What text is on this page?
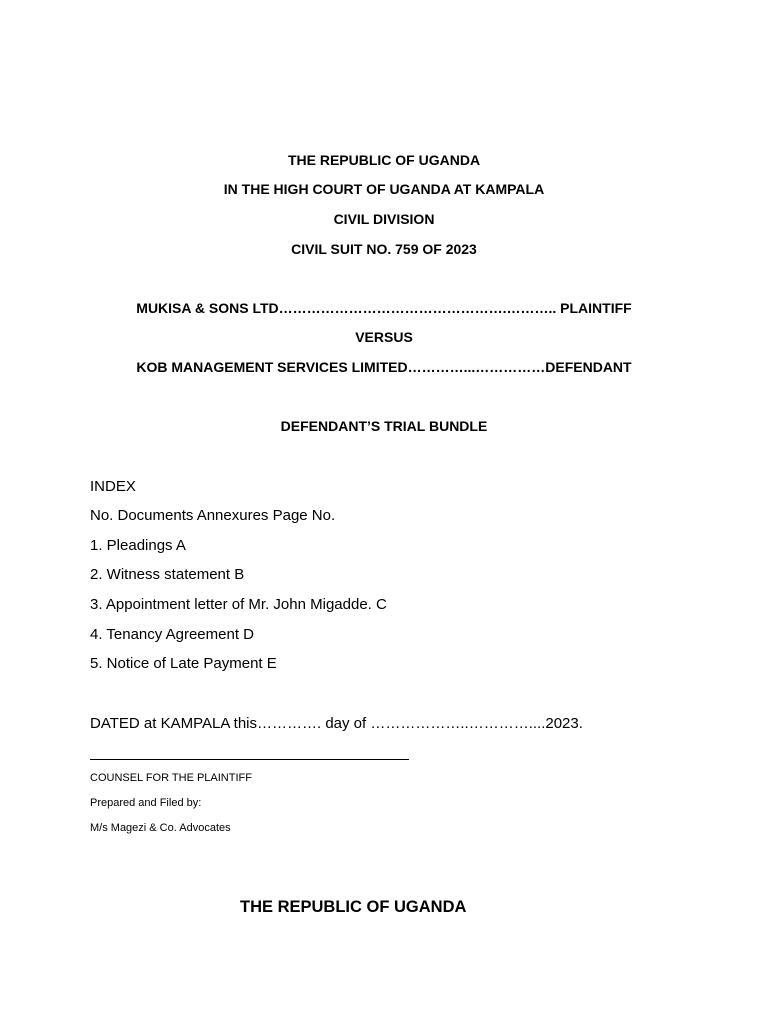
THE REPUBLIC OF UGANDA
IN THE HIGH COURT OF UGANDA AT KAMPALA
CIVIL DIVISION
CIVIL SUIT NO. 759 OF 2023
MUKISA & SONS LTD………………………………………….……….. PLAINTIFF
VERSUS
KOB MANAGEMENT SERVICES LIMITED…………...……………DEFENDANT
DEFENDANT’S TRIAL BUNDLE
INDEX
No. Documents Annexures Page No.
1. Pleadings A
2. Witness statement B
3. Appointment letter of Mr. John Migadde. C
4. Tenancy Agreement D
5. Notice of Late Payment E
DATED at KAMPALA this…………. day of ………………..…………....2023.
COUNSEL FOR THE PLAINTIFF
Prepared and Filed by:
M/s Magezi & Co. Advocates
THE REPUBLIC OF UGANDA
